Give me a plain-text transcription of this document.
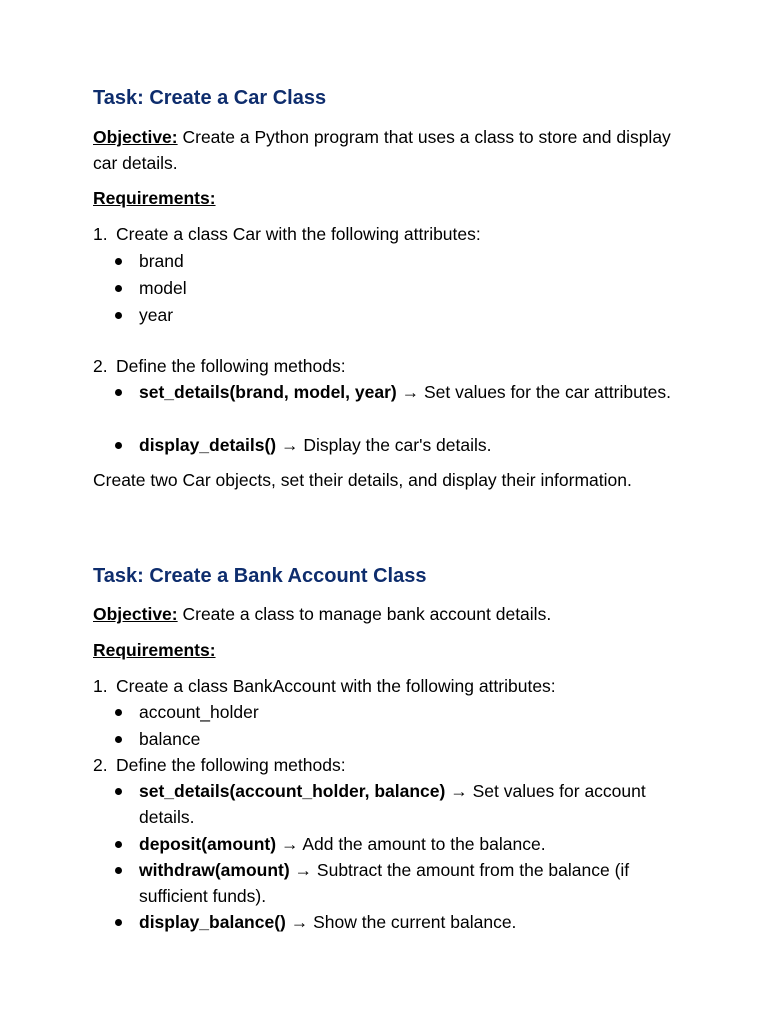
Task: Create a Car Class

Objective: Create a Python program that uses a class to store and display car details.

Requirements:

1. Create a class Car with the following attributes:
brand
model
year
2. Define the following methods:
set_details(brand, model, year) → Set values for the car attributes.
display_details() → Display the car's details.

Create two Car objects, set their details, and display their information.

Task: Create a Bank Account Class

Objective: Create a class to manage bank account details.

Requirements:

1. Create a class BankAccount with the following attributes:
account_holder
balance
2. Define the following methods:
set_details(account_holder, balance) → Set values for account details.
deposit(amount) → Add the amount to the balance.
withdraw(amount) → Subtract the amount from the balance (if sufficient funds).
display_balance() → Show the current balance.
